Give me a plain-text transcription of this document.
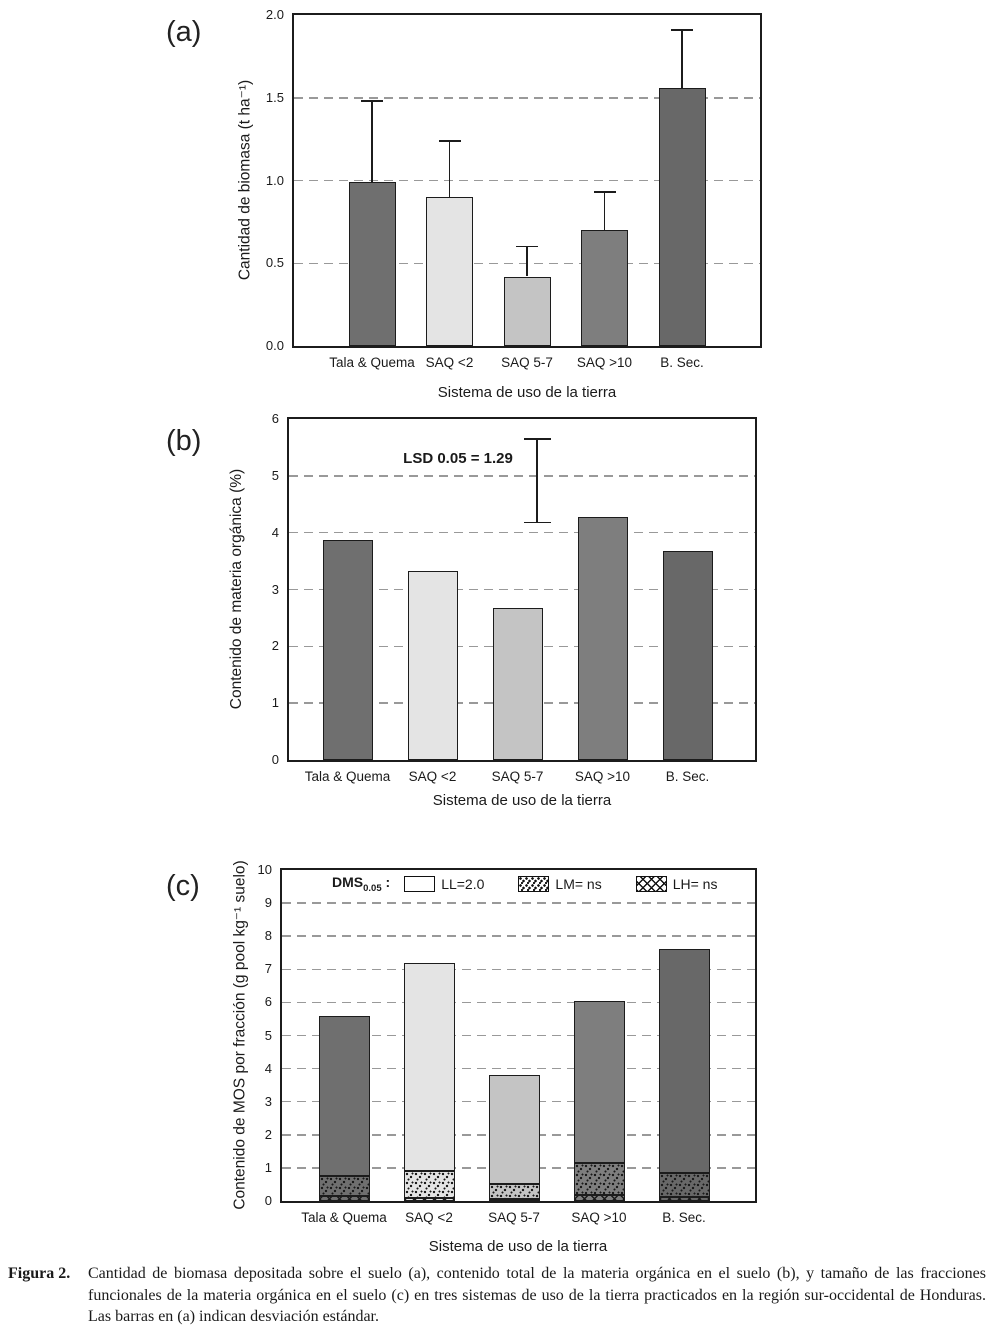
(a)
Cantidad de biomasa (t ha⁻¹)
Sistema de uso de la tierra
(b)
Contenido de materia orgánica (%)
LSD 0.05 = 1.29
Sistema de uso de la tierra
(c) Contenido de MOS por fracción (g pool kg⁻¹ suelo)	$DMS_{0.05}$ :	LL=2.0	LM= ns	LH= ns
Sistema de uso de la tierra
Figura 2. Cantidad de biomasa depositada sobre el suelo (a), contenido total de la materia orgánica en el suelo (b), y tamaño de las fracciones funcionales de la materia orgánica en el suelo (c) en tres sistemas de uso de la tierra practicados en la región sur-occidental de Honduras. Las barras en (a) indican desviación estándar.
0.0
0.5
1.0
1.5
2.0
Tala & Quema SAQ <2	SAQ 5-7	SAQ >10	B. Sec.
0
1
2
3
4
5
6
Tala & Quema	SAQ <2	SAQ 5-7	SAQ >10	B. Sec.
0
1
2
3
4
5
6
7
8
9
10
Tala & Quema	SAQ <2	SAQ 5-7	SAQ >10	B. Sec.
